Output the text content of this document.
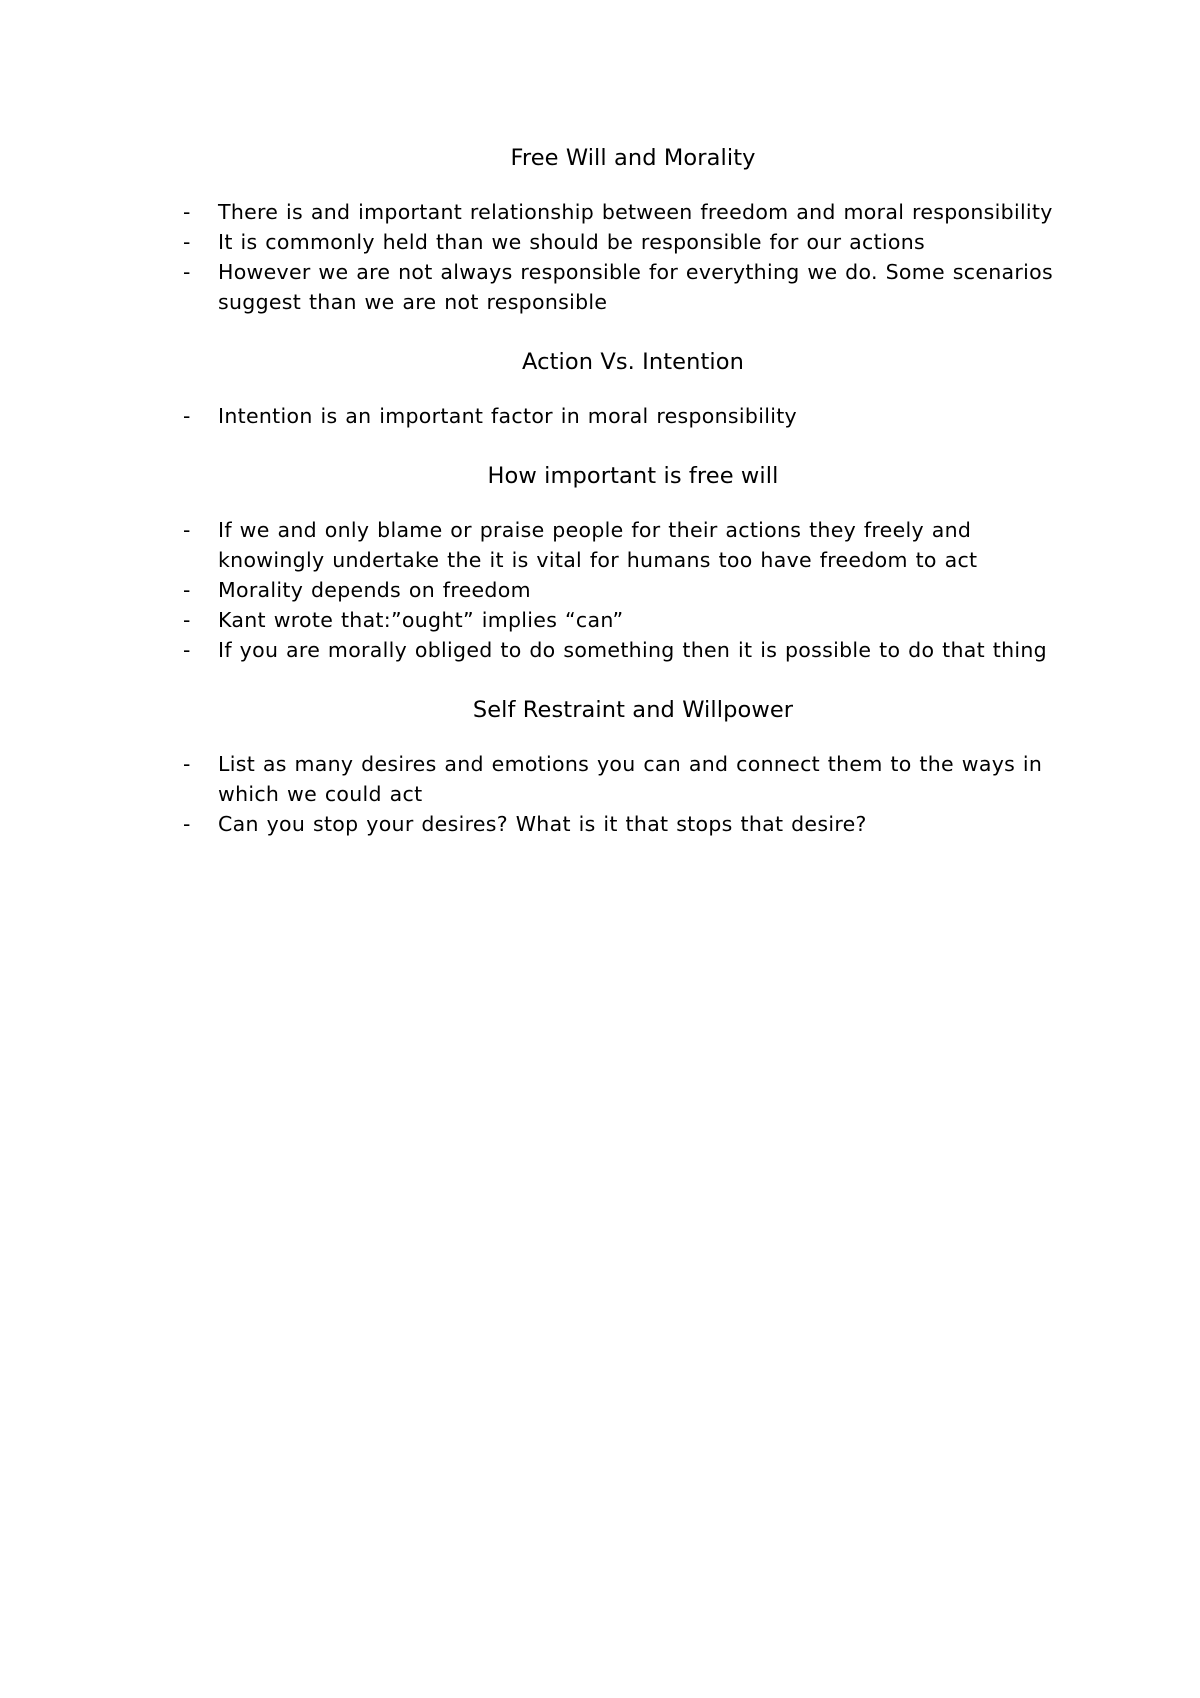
Free Will and Morality
-	There is and important relationship between freedom and moral responsibility
-	It is commonly held than we should be responsible for our actions
-	However we are not always responsible for everything we do. Some scenarios suggest than we are not responsible
Action Vs. Intention
-	Intention is an important factor in moral responsibility
How important is free will
-	If we and only blame or praise people for their actions they freely and knowingly undertake the it is vital for humans too have freedom to act
-	Morality depends on freedom
-	Kant wrote that:”ought” implies “can”
-	If you are morally obliged to do something then it is possible to do that thing
Self Restraint and Willpower
-	List as many desires and emotions you can and connect them to the ways in which we could act
-	Can you stop your desires? What is it that stops that desire?
